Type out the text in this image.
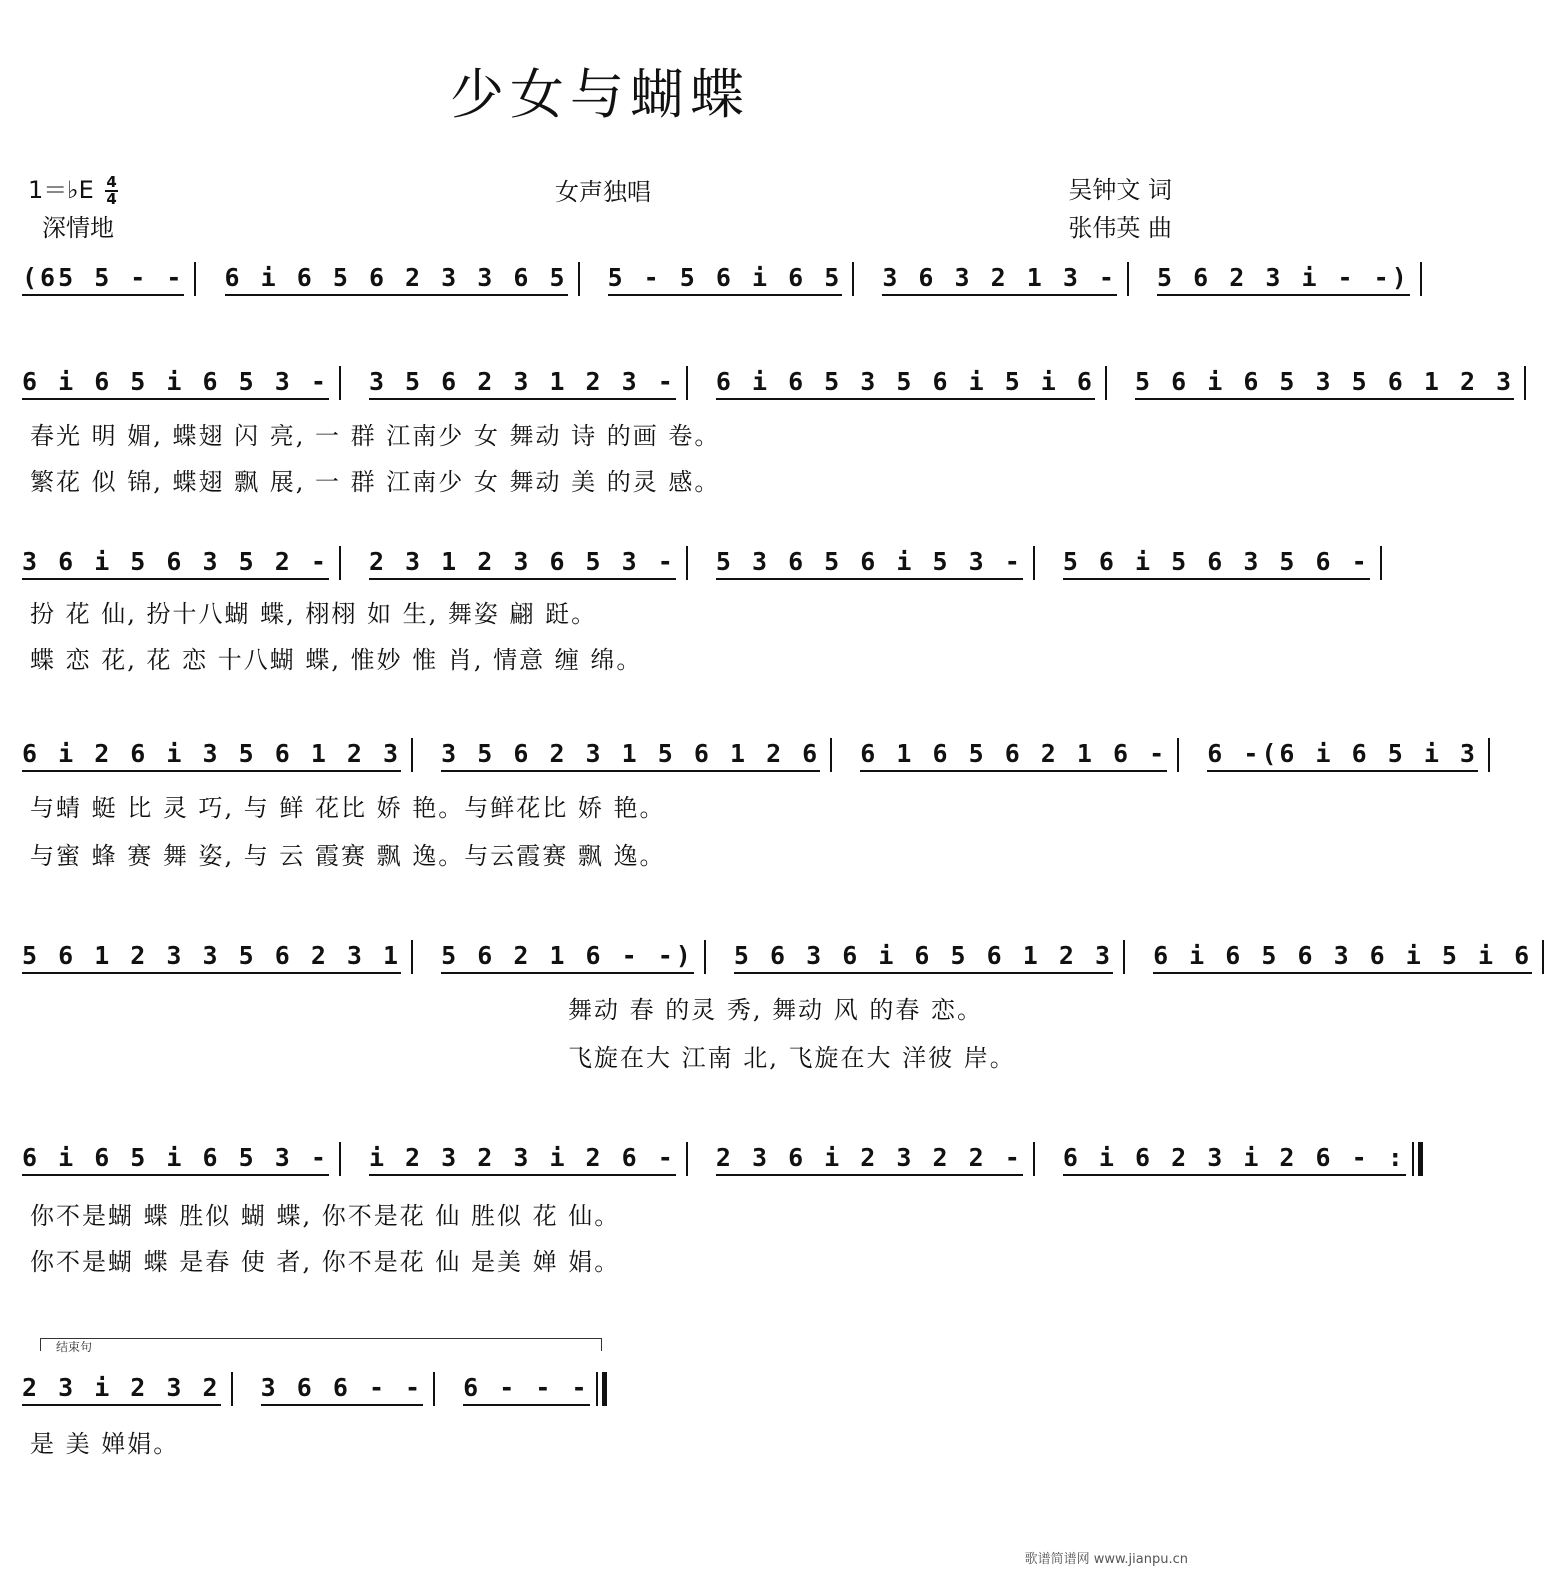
少女与蝴蝶
1＝♭E $\frac{4}{4}$	女声独唱
深情地
吴钟文 词
张伟英 曲
(65 5 - - 6 i 6 5 6 2 3 3 6 5 5 - 5 6 i 6 5 3 6 3 2 1 3 - 5 6 2 3 i - -)
6 i 6 5 i 6 5 3 - 3 5 6 2 3 1 2 3 - 6 i 6 5 3 5 6 i 5 i 6 5 6 i 6 5 3 5 6 1 2 3
春光 明 媚, 蝶翅 闪 亮, 一 群 江南少 女 舞动 诗 的画 卷。
繁花 似 锦, 蝶翅 飘 展, 一 群 江南少 女 舞动 美 的灵 感。
3 6 i 5 6 3 5 2 - 2 3 1 2 3 6 5 3 - 5 3 6 5 6 i 5 3 - 5 6 i 5 6 3 5 6 -
扮 花 仙, 扮十八蝴 蝶, 栩栩 如 生, 舞姿 翩 跹。
蝶 恋 花, 花 恋 十八蝴 蝶, 惟妙 惟 肖, 情意 缠 绵。
6 i 2 6 i 3 5 6 1 2 3 3 5 6 2 3 1 5 6 1 2 6 6 1 6 5 6 2 1 6 - 6 -(6 i 6 5 i 3
与蜻 蜓 比 灵 巧, 与 鲜 花比 娇 艳。与鲜花比 娇 艳。
与蜜 蜂 赛 舞 姿, 与 云 霞赛 飘 逸。与云霞赛 飘 逸。
5 6 1 2 3 3 5 6 2 3 1 5 6 2 1 6 - -) 5 6 3 6 i 6 5 6 1 2 3 6 i 6 5 6 3 6 i 5 i 6
舞动 春 的灵 秀, 舞动 风 的春 恋。
飞旋在大 江南 北, 飞旋在大 洋彼 岸。
6 i 6 5 i 6 5 3 - i 2 3 2 3 i 2 6 - 2 3 6 i 2 3 2 2 - 6 i 6 2 3 i 2 6 - :
你不是蝴 蝶 胜似 蝴 蝶, 你不是花 仙 胜似 花 仙。
你不是蝴 蝶 是春 使 者, 你不是花 仙 是美 婵 娟。
结束句
2 3 i 2 3 2 3 6 6 - - 6 - - -
是 美 婵娟。
歌谱简谱网 www.jianpu.cn
